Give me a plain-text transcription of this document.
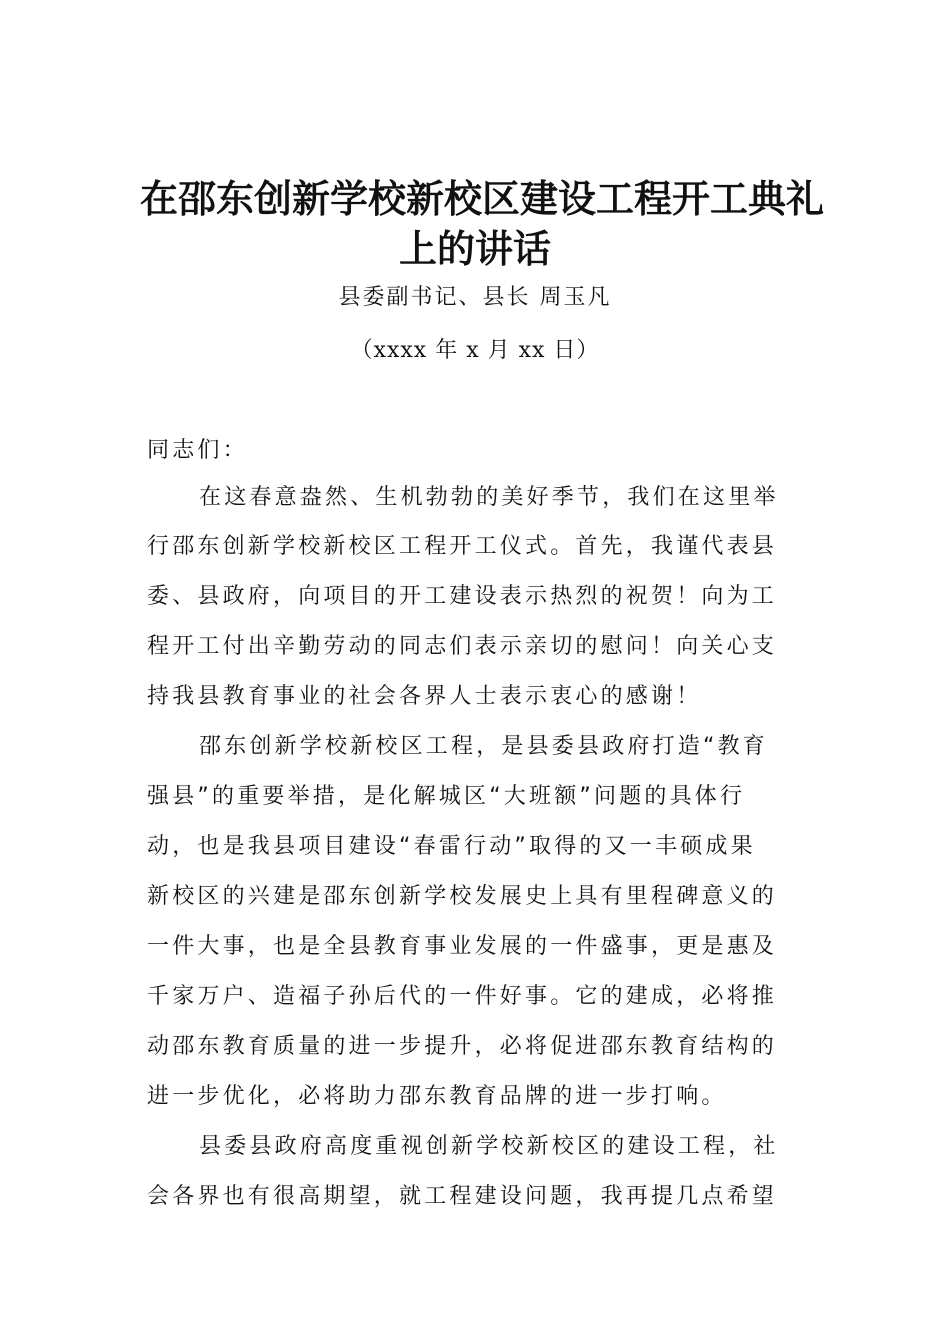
在邵东创新学校新校区建设工程开工典礼
上的讲话
县委副书记、县长 周玉凡
（xxxx 年 x 月 xx 日）
同志们：
在这春意盎然、生机勃勃的美好季节，我们在这里举
行邵东创新学校新校区工程开工仪式。首先，我谨代表县
委、县政府，向项目的开工建设表示热烈的祝贺！向为工
程开工付出辛勤劳动的同志们表示亲切的慰问！向关心支
持我县教育事业的社会各界人士表示衷心的感谢！
邵东创新学校新校区工程，是县委县政府打造“教育
强县”的重要举措，是化解城区“大班额”问题的具体行
动，也是我县项目建设“春雷行动”取得的又一丰硕成果
新校区的兴建是邵东创新学校发展史上具有里程碑意义的
一件大事，也是全县教育事业发展的一件盛事，更是惠及
千家万户、造福子孙后代的一件好事。它的建成，必将推
动邵东教育质量的进一步提升，必将促进邵东教育结构的
进一步优化，必将助力邵东教育品牌的进一步打响。
县委县政府高度重视创新学校新校区的建设工程，社
会各界也有很高期望，就工程建设问题，我再提几点希望
